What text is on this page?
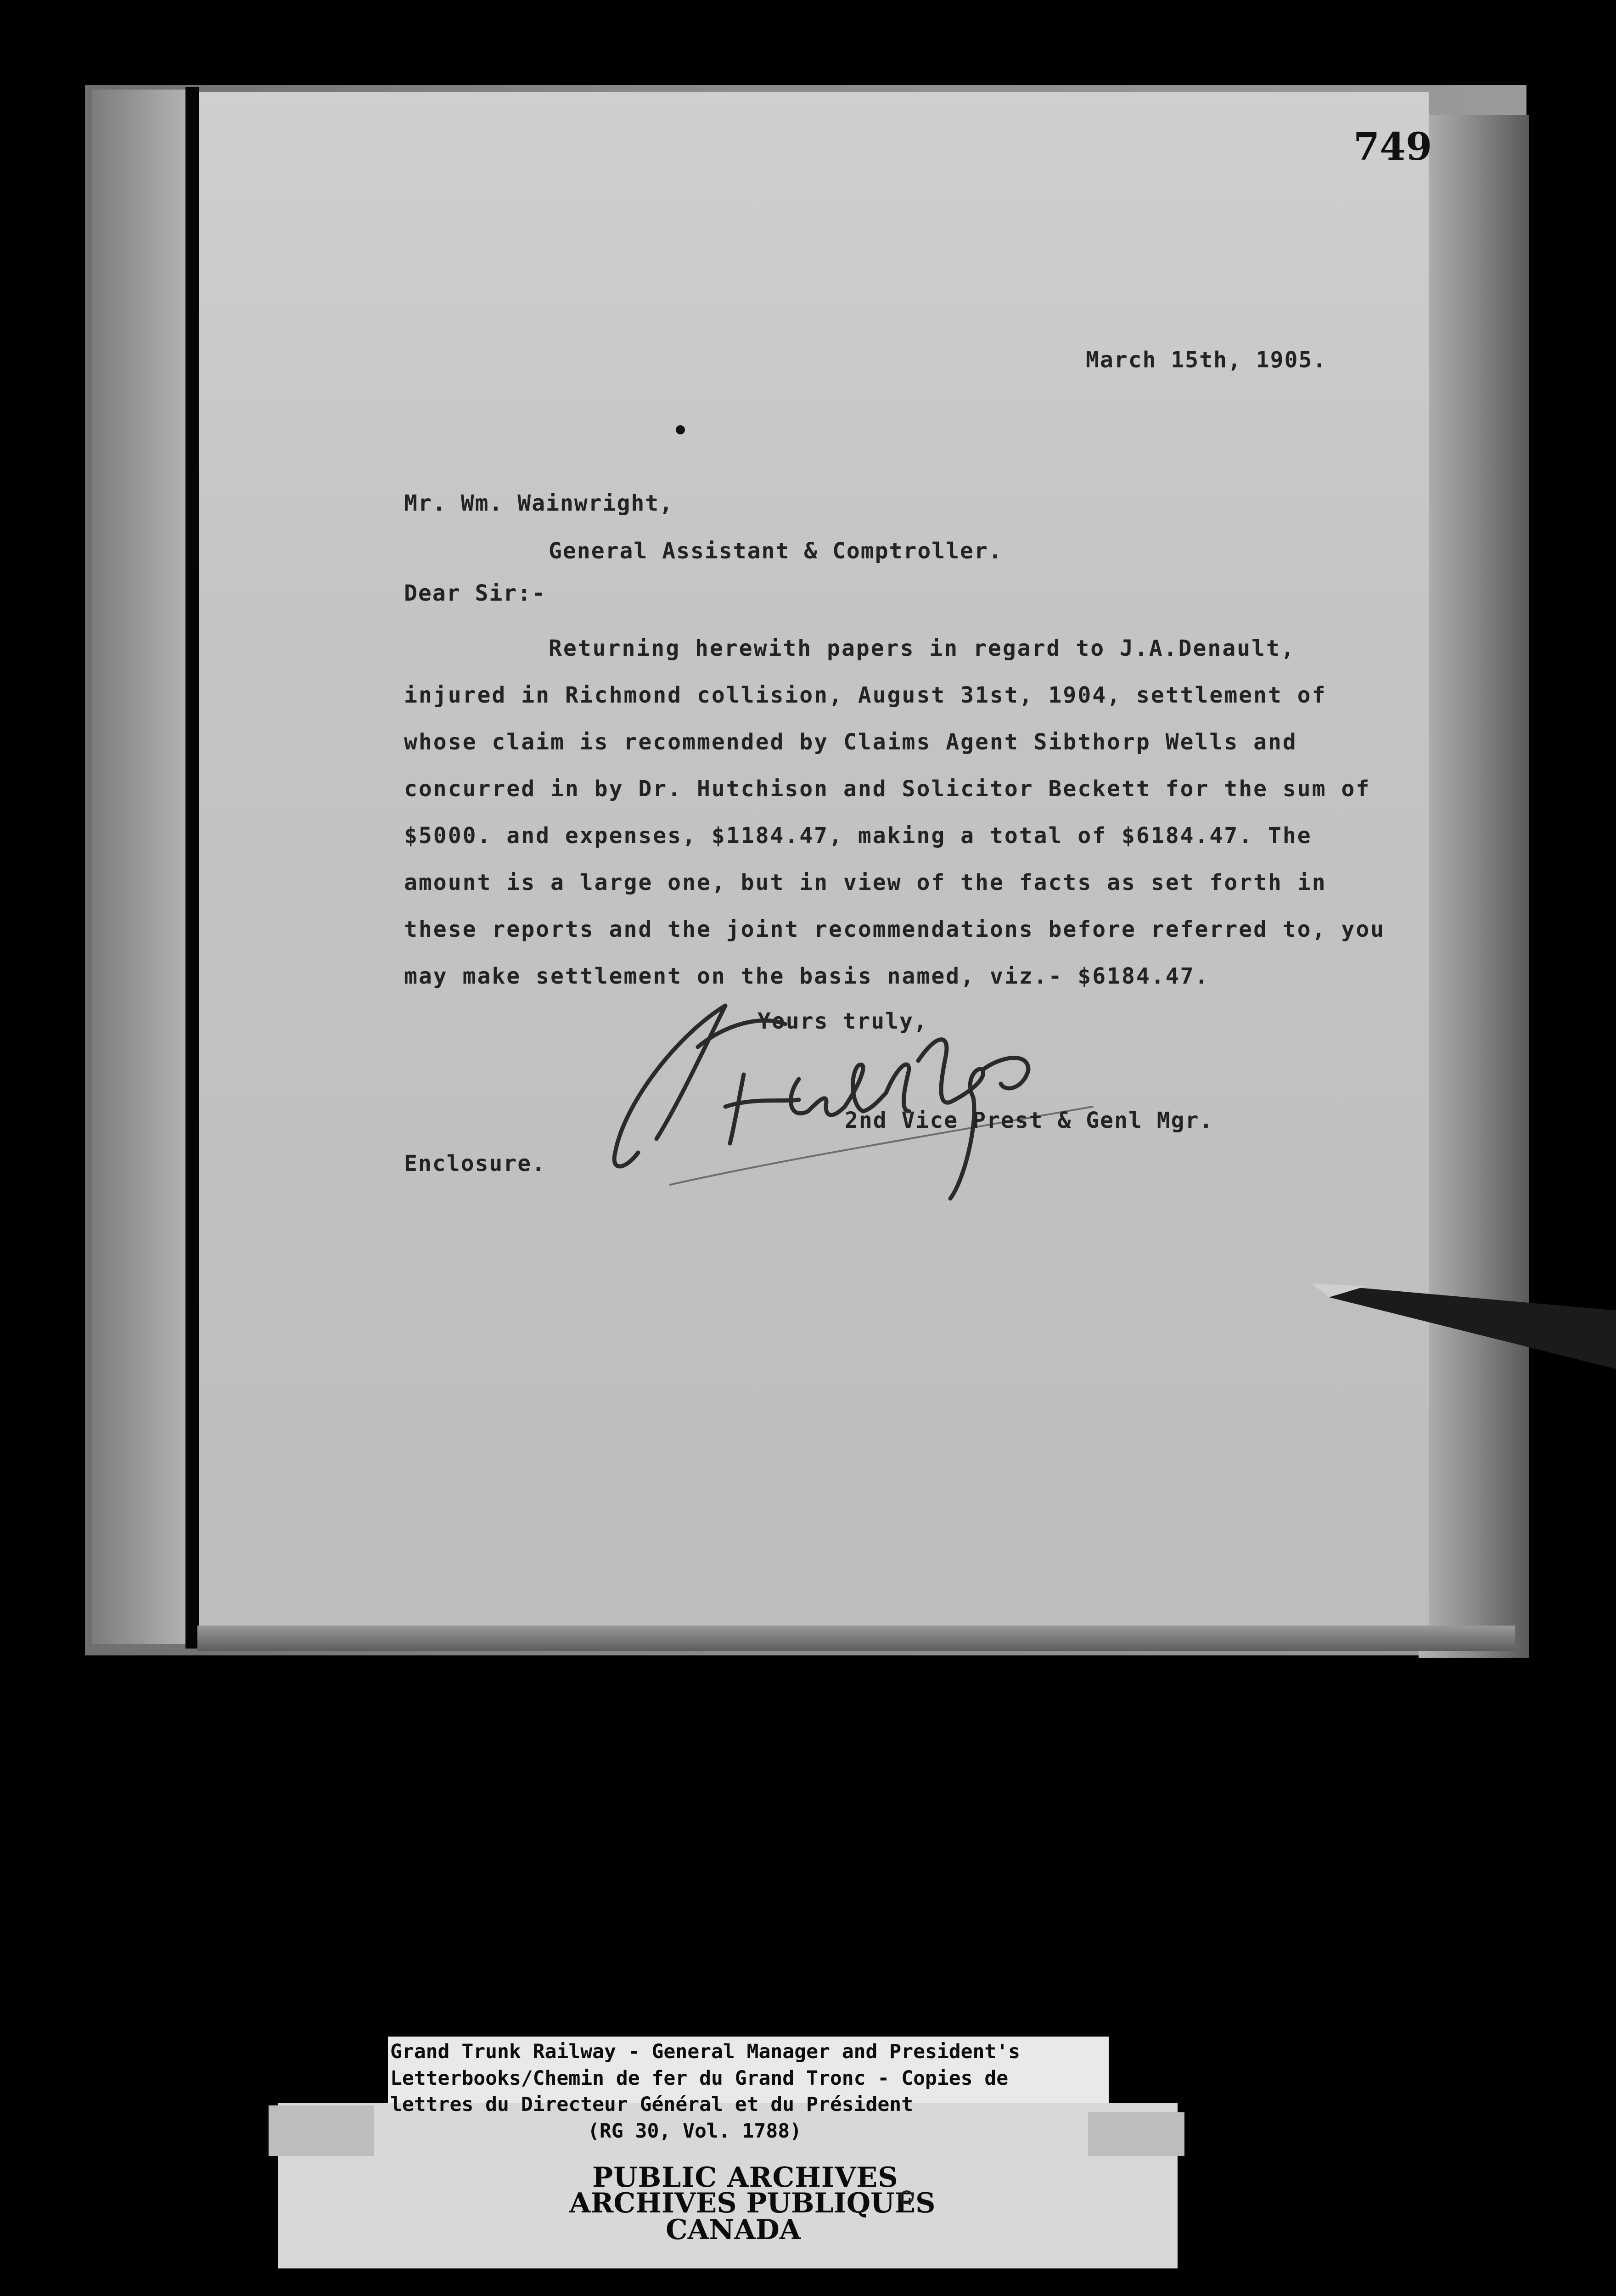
749
March 15th, 1905.
Mr. Wm. Wainwright,
General Assistant & Comptroller.
Dear Sir:-
Returning herewith papers in regard to J.A.Denault,
injured in Richmond collision, August 31st, 1904, settlement of
whose claim is recommended by Claims Agent Sibthorp Wells and
concurred in by Dr. Hutchison and Solicitor Beckett for the sum of
$5000. and expenses, $1184.47, making a total of $6184.47. The
amount is a large one, but in view of the facts as set forth in
these reports and the joint recommendations before referred to, you
may make settlement on the basis named, viz.- $6184.47.
Yours truly,
2nd Vice Prest & Genl Mgr.
Enclosure.
Grand Trunk Railway - General Manager and President's
Letterbooks/Chemin de fer du Grand Tronc - Copies de
lettres du Directeur Général et du Président
(RG 30, Vol. 1788)
PUBLIC ARCHIVES
ARCHIVES PUBLIQUES
CANADA
